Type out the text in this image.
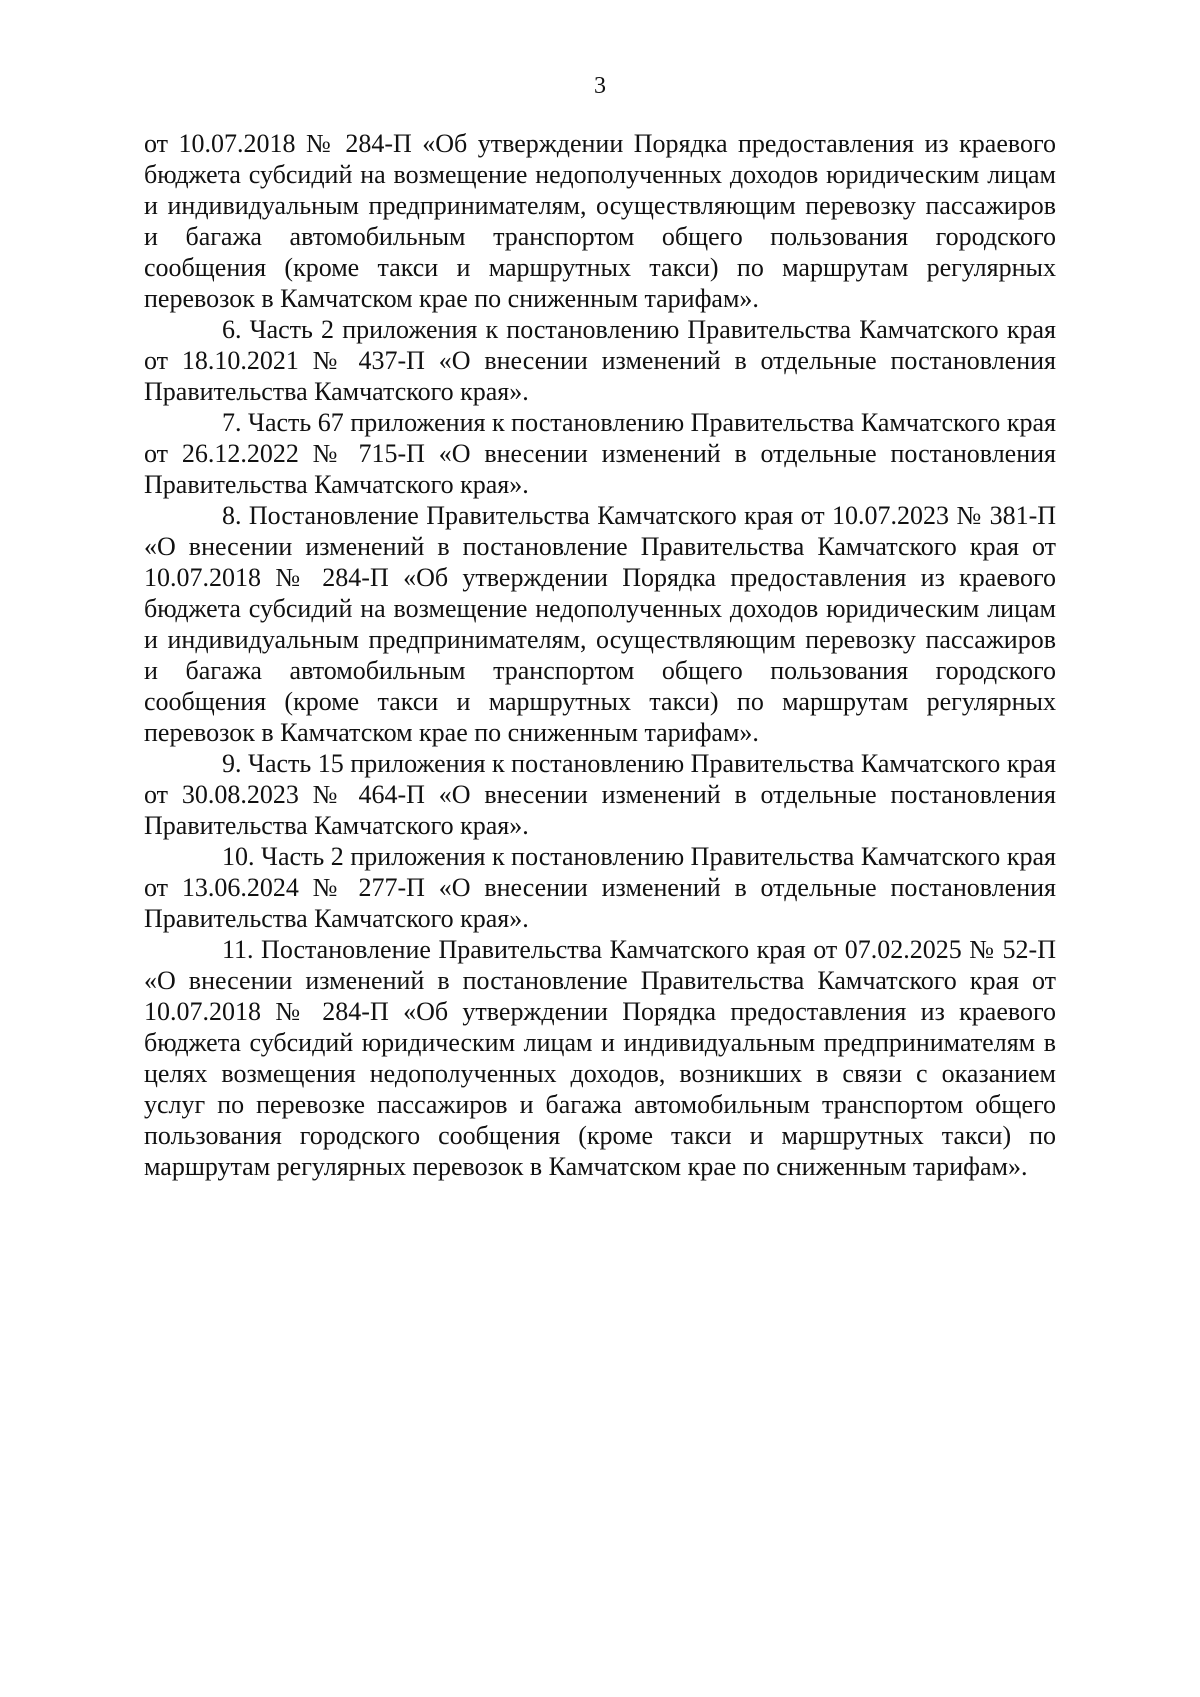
3

от 10.07.2018 № 284-П «Об утверждении Порядка предоставления из краевого бюджета субсидий на возмещение недополученных доходов юридическим лицам и индивидуальным предпринимателям, осуществляющим перевозку пассажиров и багажа автомобильным транспортом общего пользования городского сообщения (кроме такси и маршрутных такси) по маршрутам регулярных перевозок в Камчатском крае по сниженным тарифам».

6. Часть 2 приложения к постановлению Правительства Камчатского края от 18.10.2021 № 437-П «О внесении изменений в отдельные постановления Правительства Камчатского края».

7. Часть 67 приложения к постановлению Правительства Камчатского края от 26.12.2022 № 715-П «О внесении изменений в отдельные постановления Правительства Камчатского края».

8. Постановление Правительства Камчатского края от 10.07.2023 № 381-П «О внесении изменений в постановление Правительства Камчатского края от 10.07.2018 № 284-П «Об утверждении Порядка предоставления из краевого бюджета субсидий на возмещение недополученных доходов юридическим лицам и индивидуальным предпринимателям, осуществляющим перевозку пассажиров и багажа автомобильным транспортом общего пользования городского сообщения (кроме такси и маршрутных такси) по маршрутам регулярных перевозок в Камчатском крае по сниженным тарифам».

9. Часть 15 приложения к постановлению Правительства Камчатского края от 30.08.2023 № 464-П «О внесении изменений в отдельные постановления Правительства Камчатского края».

10. Часть 2 приложения к постановлению Правительства Камчатского края от 13.06.2024 № 277-П «О внесении изменений в отдельные постановления Правительства Камчатского края».

11. Постановление Правительства Камчатского края от 07.02.2025 № 52-П «О внесении изменений в постановление Правительства Камчатского края от 10.07.2018 № 284-П «Об утверждении Порядка предоставления из краевого бюджета субсидий юридическим лицам и индивидуальным предпринимателям в целях возмещения недополученных доходов, возникших в связи с оказанием услуг по перевозке пассажиров и багажа автомобильным транспортом общего пользования городского сообщения (кроме такси и маршрутных такси) по маршрутам регулярных перевозок в Камчатском крае по сниженным тарифам».
